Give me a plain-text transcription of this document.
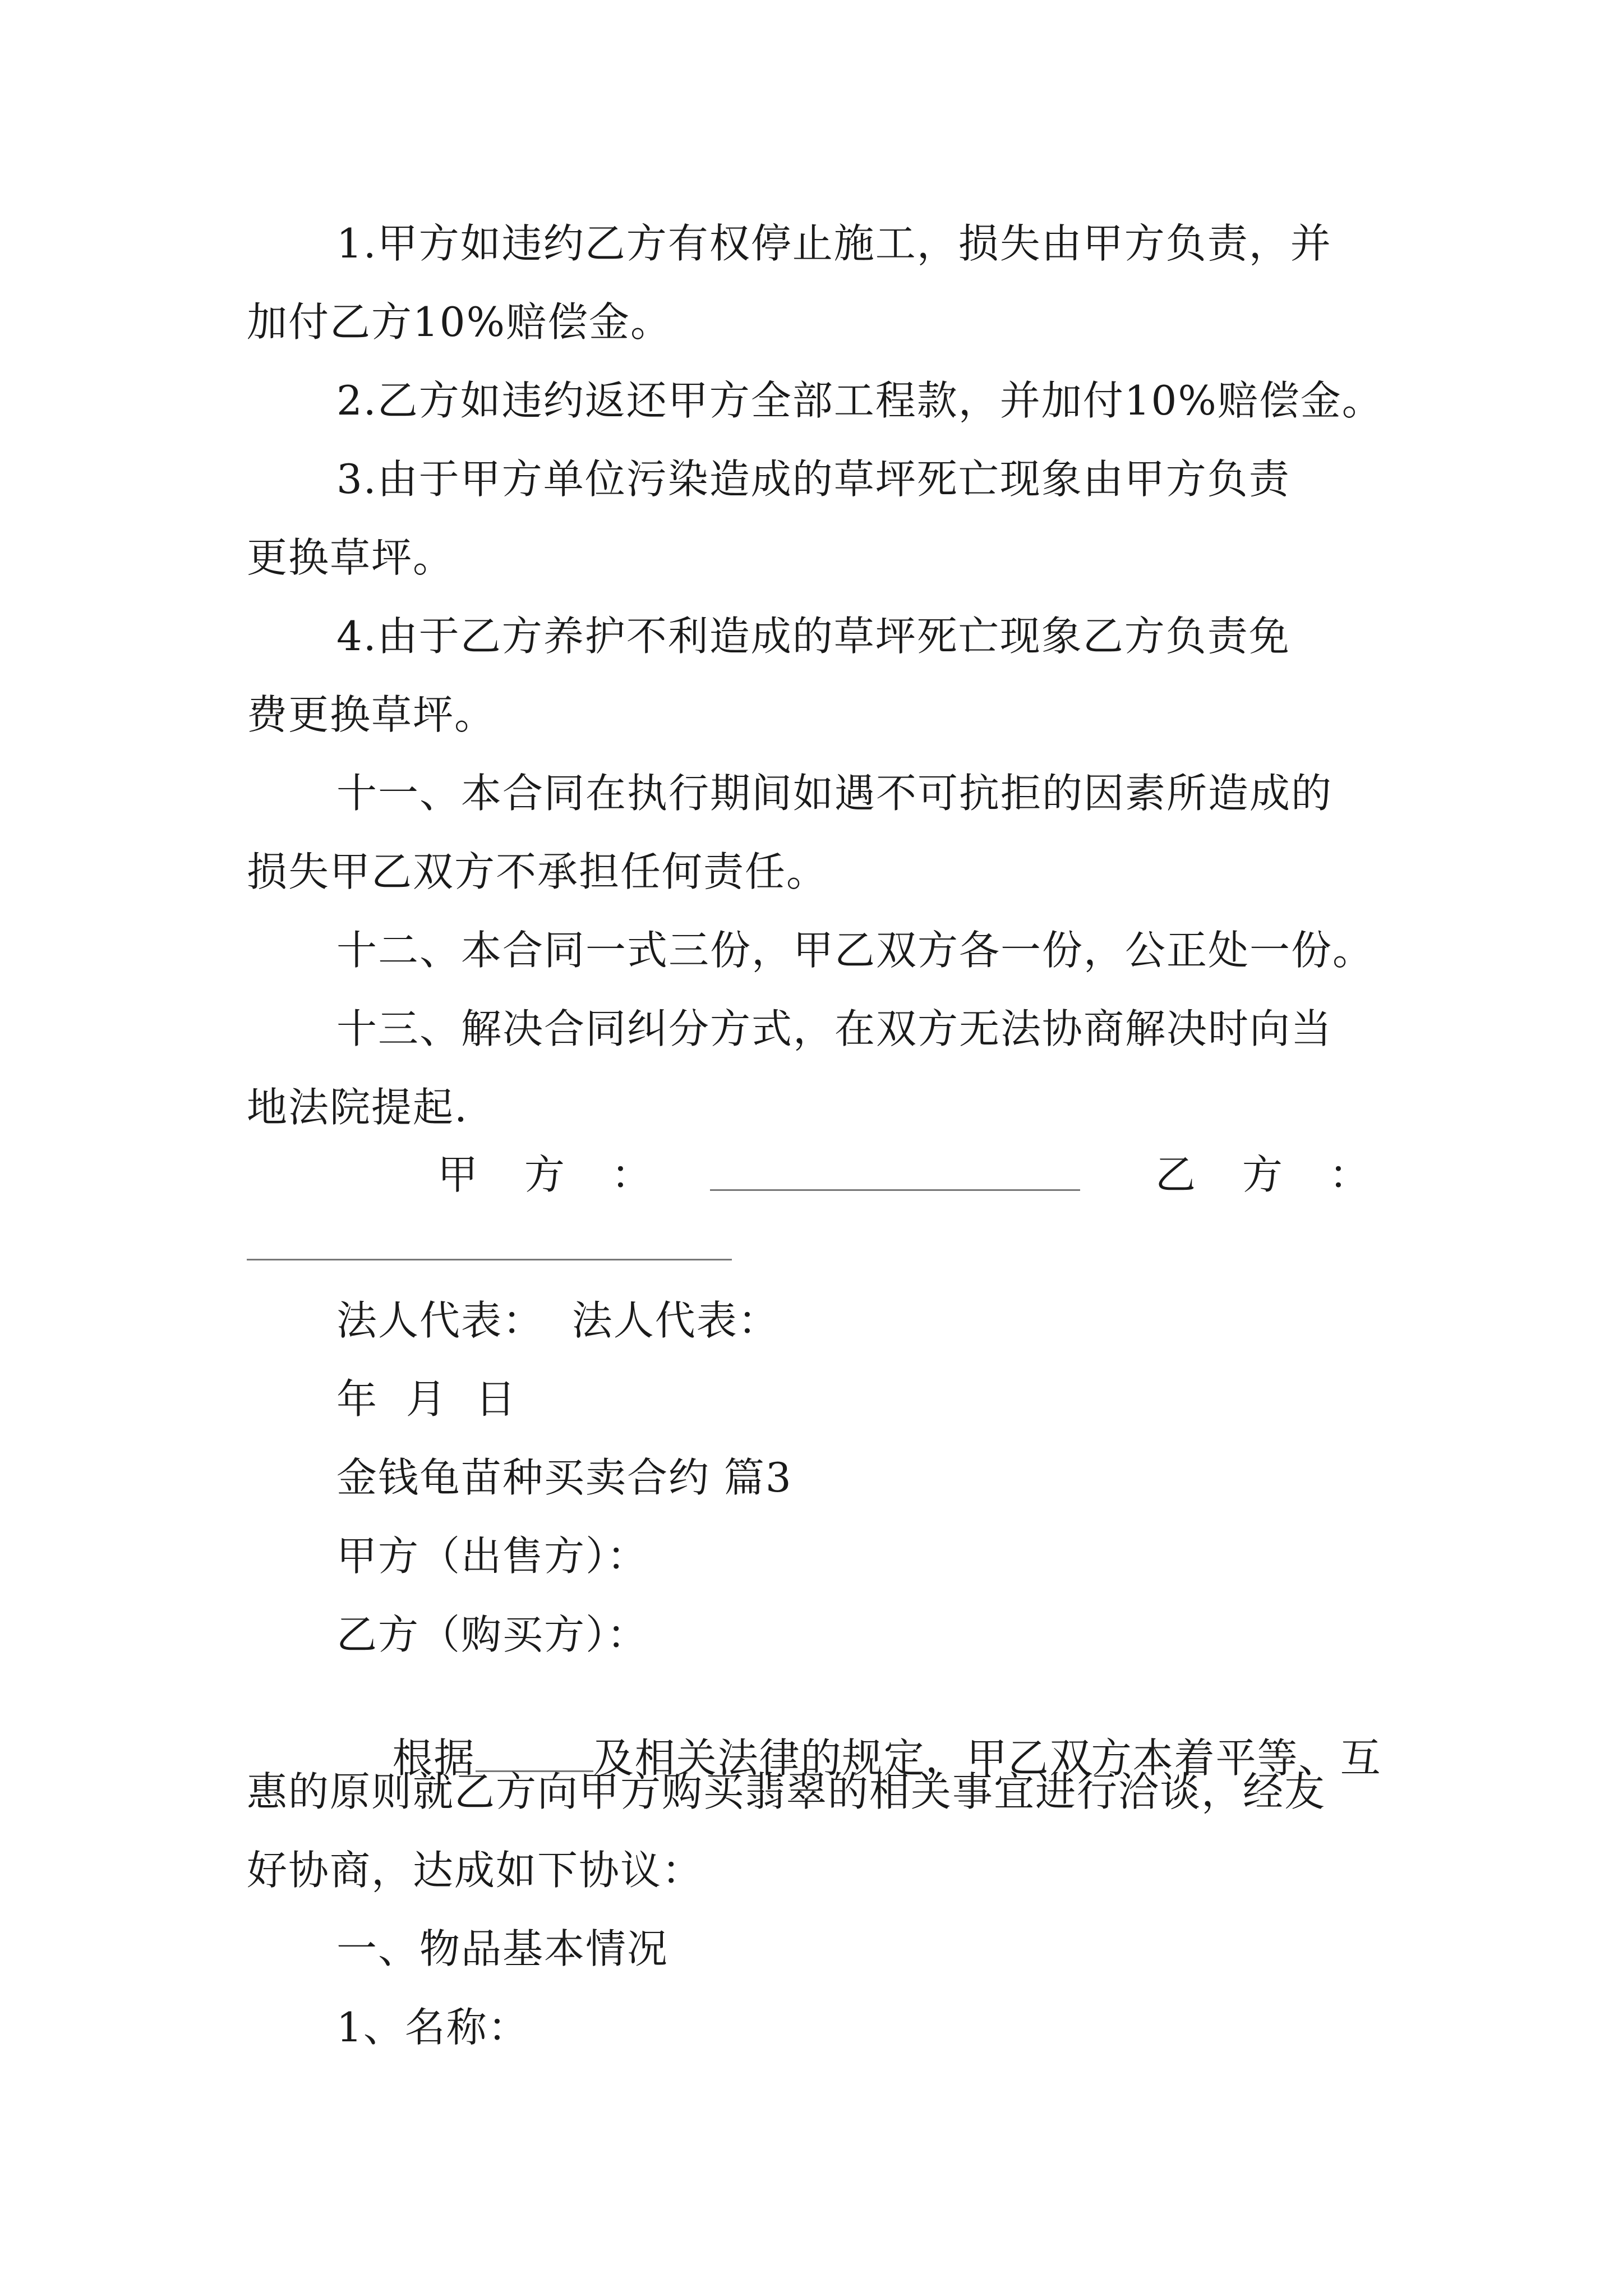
1.甲方如违约乙方有权停止施工，损失由甲方负责，并
加付乙方10%赔偿金。
2.乙方如违约返还甲方全部工程款，并加付10%赔偿金。
3.由于甲方单位污染造成的草坪死亡现象由甲方负责
更换草坪。
4.由于乙方养护不利造成的草坪死亡现象乙方负责免
费更换草坪。
十一、本合同在执行期间如遇不可抗拒的因素所造成的
损失甲乙双方不承担任何责任。
十二、本合同一式三份，甲乙双方各一份，公正处一份。
十三、解决合同纠分方式，在双方无法协商解决时向当
地法院提起.
甲 方 ：	乙 方 ：
法人代表：  法人代表：
年  月  日
金钱龟苗种买卖合约 篇3
甲方（出售方）：
乙方（购买方）：

根据	及相关法律的规定，甲乙双方本着平等、互

惠的原则就乙方向甲方购买翡翠的相关事宜进行洽谈，经友
好协商，达成如下协议：
一、物品基本情况
1、名称：
